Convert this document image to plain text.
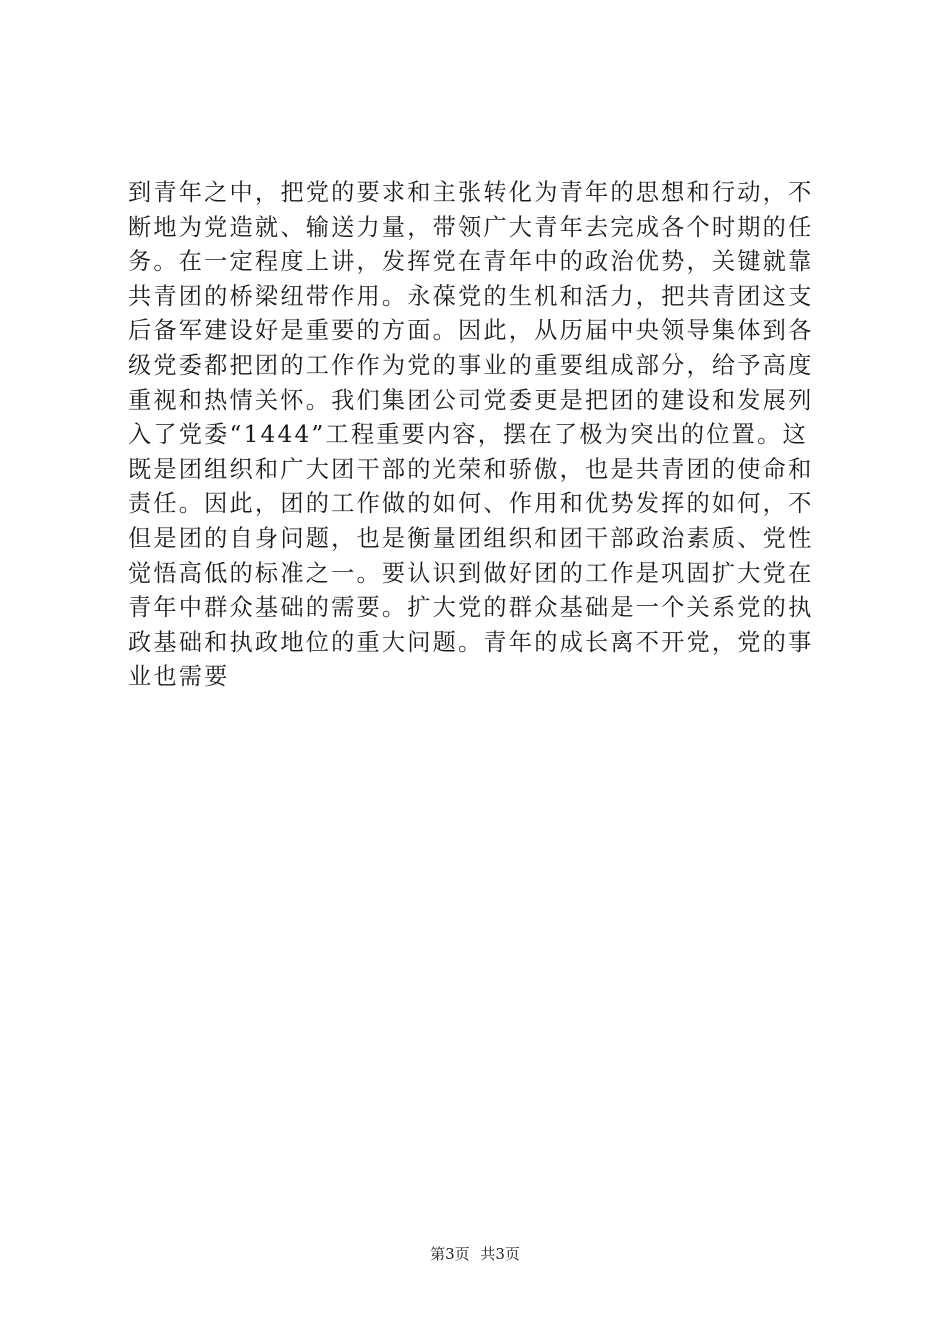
到青年之中，把党的要求和主张转化为青年的思想和行动，不
断地为党造就、输送力量，带领广大青年去完成各个时期的任
务。在一定程度上讲，发挥党在青年中的政治优势，关键就靠
共青团的桥梁纽带作用。永葆党的生机和活力，把共青团这支
后备军建设好是重要的方面。因此，从历届中央领导集体到各
级党委都把团的工作作为党的事业的重要组成部分，给予高度
重视和热情关怀。我们集团公司党委更是把团的建设和发展列
入了党委“1444”工程重要内容，摆在了极为突出的位置。这
既是团组织和广大团干部的光荣和骄傲，也是共青团的使命和
责任。因此，团的工作做的如何、作用和优势发挥的如何，不
但是团的自身问题，也是衡量团组织和团干部政治素质、党性
觉悟高低的标准之一。要认识到做好团的工作是巩固扩大党在
青年中群众基础的需要。扩大党的群众基础是一个关系党的执
政基础和执政地位的重大问题。青年的成长离不开党，党的事
业也需要
第3页 共3页
